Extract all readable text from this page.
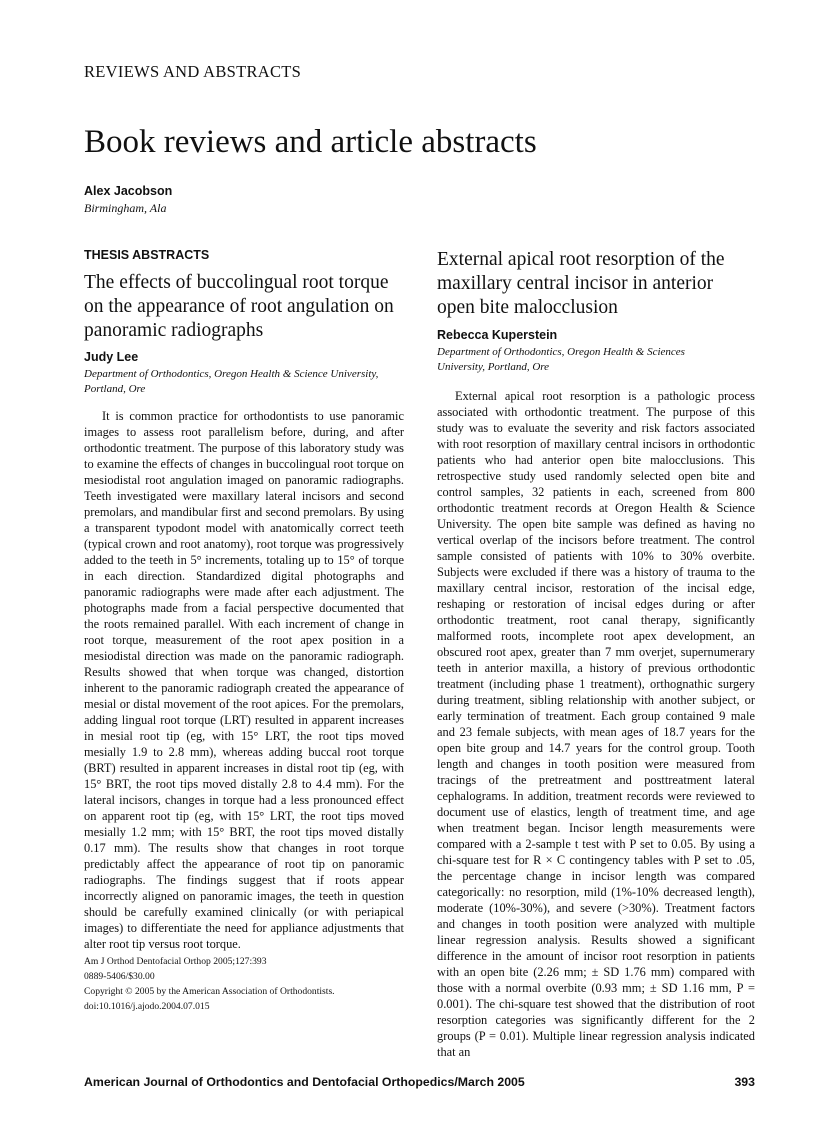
REVIEWS AND ABSTRACTS
Book reviews and article abstracts
Alex Jacobson
Birmingham, Ala
THESIS ABSTRACTS
The effects of buccolingual root torque on the appearance of root angulation on panoramic radiographs
Judy Lee
Department of Orthodontics, Oregon Health & Science University, Portland, Ore

It is common practice for orthodontists to use panoramic images to assess root parallelism before, during, and after orthodontic treatment. The purpose of this laboratory study was to examine the effects of changes in buccolingual root torque on mesiodistal root angulation imaged on panoramic radiographs. Teeth investigated were maxillary lateral incisors and second premolars, and mandibular first and second premolars. By using a transparent typodont model with anatomically correct teeth (typical crown and root anatomy), root torque was progressively added to the teeth in 5° increments, totaling up to 15° of torque in each direction. Standardized digital photographs and panoramic radiographs were made after each adjustment. The photographs made from a facial perspective documented that the roots remained parallel. With each increment of change in root torque, measurement of the root apex position in a mesiodistal direction was made on the panoramic radiograph. Results showed that when torque was changed, distortion inherent to the panoramic radiograph created the appearance of mesial or distal movement of the root apices. For the premolars, adding lingual root torque (LRT) resulted in apparent increases in mesial root tip (eg, with 15° LRT, the root tips moved mesially 1.9 to 2.8 mm), whereas adding buccal root torque (BRT) resulted in apparent increases in distal root tip (eg, with 15° BRT, the root tips moved distally 2.8 to 4.4 mm). For the lateral incisors, changes in torque had a less pronounced effect on apparent root tip (eg, with 15° LRT, the root tips moved mesially 1.2 mm; with 15° BRT, the root tips moved distally 0.17 mm). The results show that changes in root torque predictably affect the appearance of root tip on panoramic radiographs. The findings suggest that if roots appear incorrectly aligned on panoramic images, the teeth in question should be carefully examined clinically (or with periapical images) to differentiate the need for appliance adjustments that alter root tip versus root torque.

Am J Orthod Dentofacial Orthop 2005;127:393
0889-5406/$30.00
Copyright © 2005 by the American Association of Orthodontists.
doi:10.1016/j.ajodo.2004.07.015
External apical root resorption of the maxillary central incisor in anterior open bite malocclusion
Rebecca Kuperstein
Department of Orthodontics, Oregon Health & Sciences University, Portland, Ore

External apical root resorption is a pathologic process associated with orthodontic treatment. The purpose of this study was to evaluate the severity and risk factors associated with root resorption of maxillary central incisors in orthodontic patients who had anterior open bite malocclusions. This retrospective study used randomly selected open bite and control samples, 32 patients in each, screened from 800 orthodontic treatment records at Oregon Health & Science University. The open bite sample was defined as having no vertical overlap of the incisors before treatment. The control sample consisted of patients with 10% to 30% overbite. Subjects were excluded if there was a history of trauma to the maxillary central incisor, restoration of the incisal edge, reshaping or restoration of incisal edges during or after orthodontic treatment, root canal therapy, significantly malformed roots, incomplete root apex development, an obscured root apex, greater than 7 mm overjet, supernumerary teeth in anterior maxilla, a history of previous orthodontic treatment (including phase 1 treatment), orthognathic surgery during treatment, sibling relationship with another subject, or early termination of treatment. Each group contained 9 male and 23 female subjects, with mean ages of 18.7 years for the open bite group and 14.7 years for the control group. Tooth length and changes in tooth position were measured from tracings of the pretreatment and posttreatment lateral cephalograms. In addition, treatment records were reviewed to document use of elastics, length of treatment time, and age when treatment began. Incisor length measurements were compared with a 2-sample t test with P set to 0.05. By using a chi-square test for R × C contingency tables with P set to .05, the percentage change in incisor length was compared categorically: no resorption, mild (1%-10% decreased length), moderate (10%-30%), and severe (>30%). Treatment factors and changes in tooth position were analyzed with multiple linear regression analysis. Results showed a significant difference in the amount of incisor root resorption in patients with an open bite (2.26 mm; ± SD 1.76 mm) compared with those with a normal overbite (0.93 mm; ± SD 1.16 mm, P = 0.001). The chi-square test showed that the distribution of root resorption categories was significantly different for the 2 groups (P = 0.01). Multiple linear regression analysis indicated that an

American Journal of Orthodontics and Dentofacial Orthopedics/March 2005	393
